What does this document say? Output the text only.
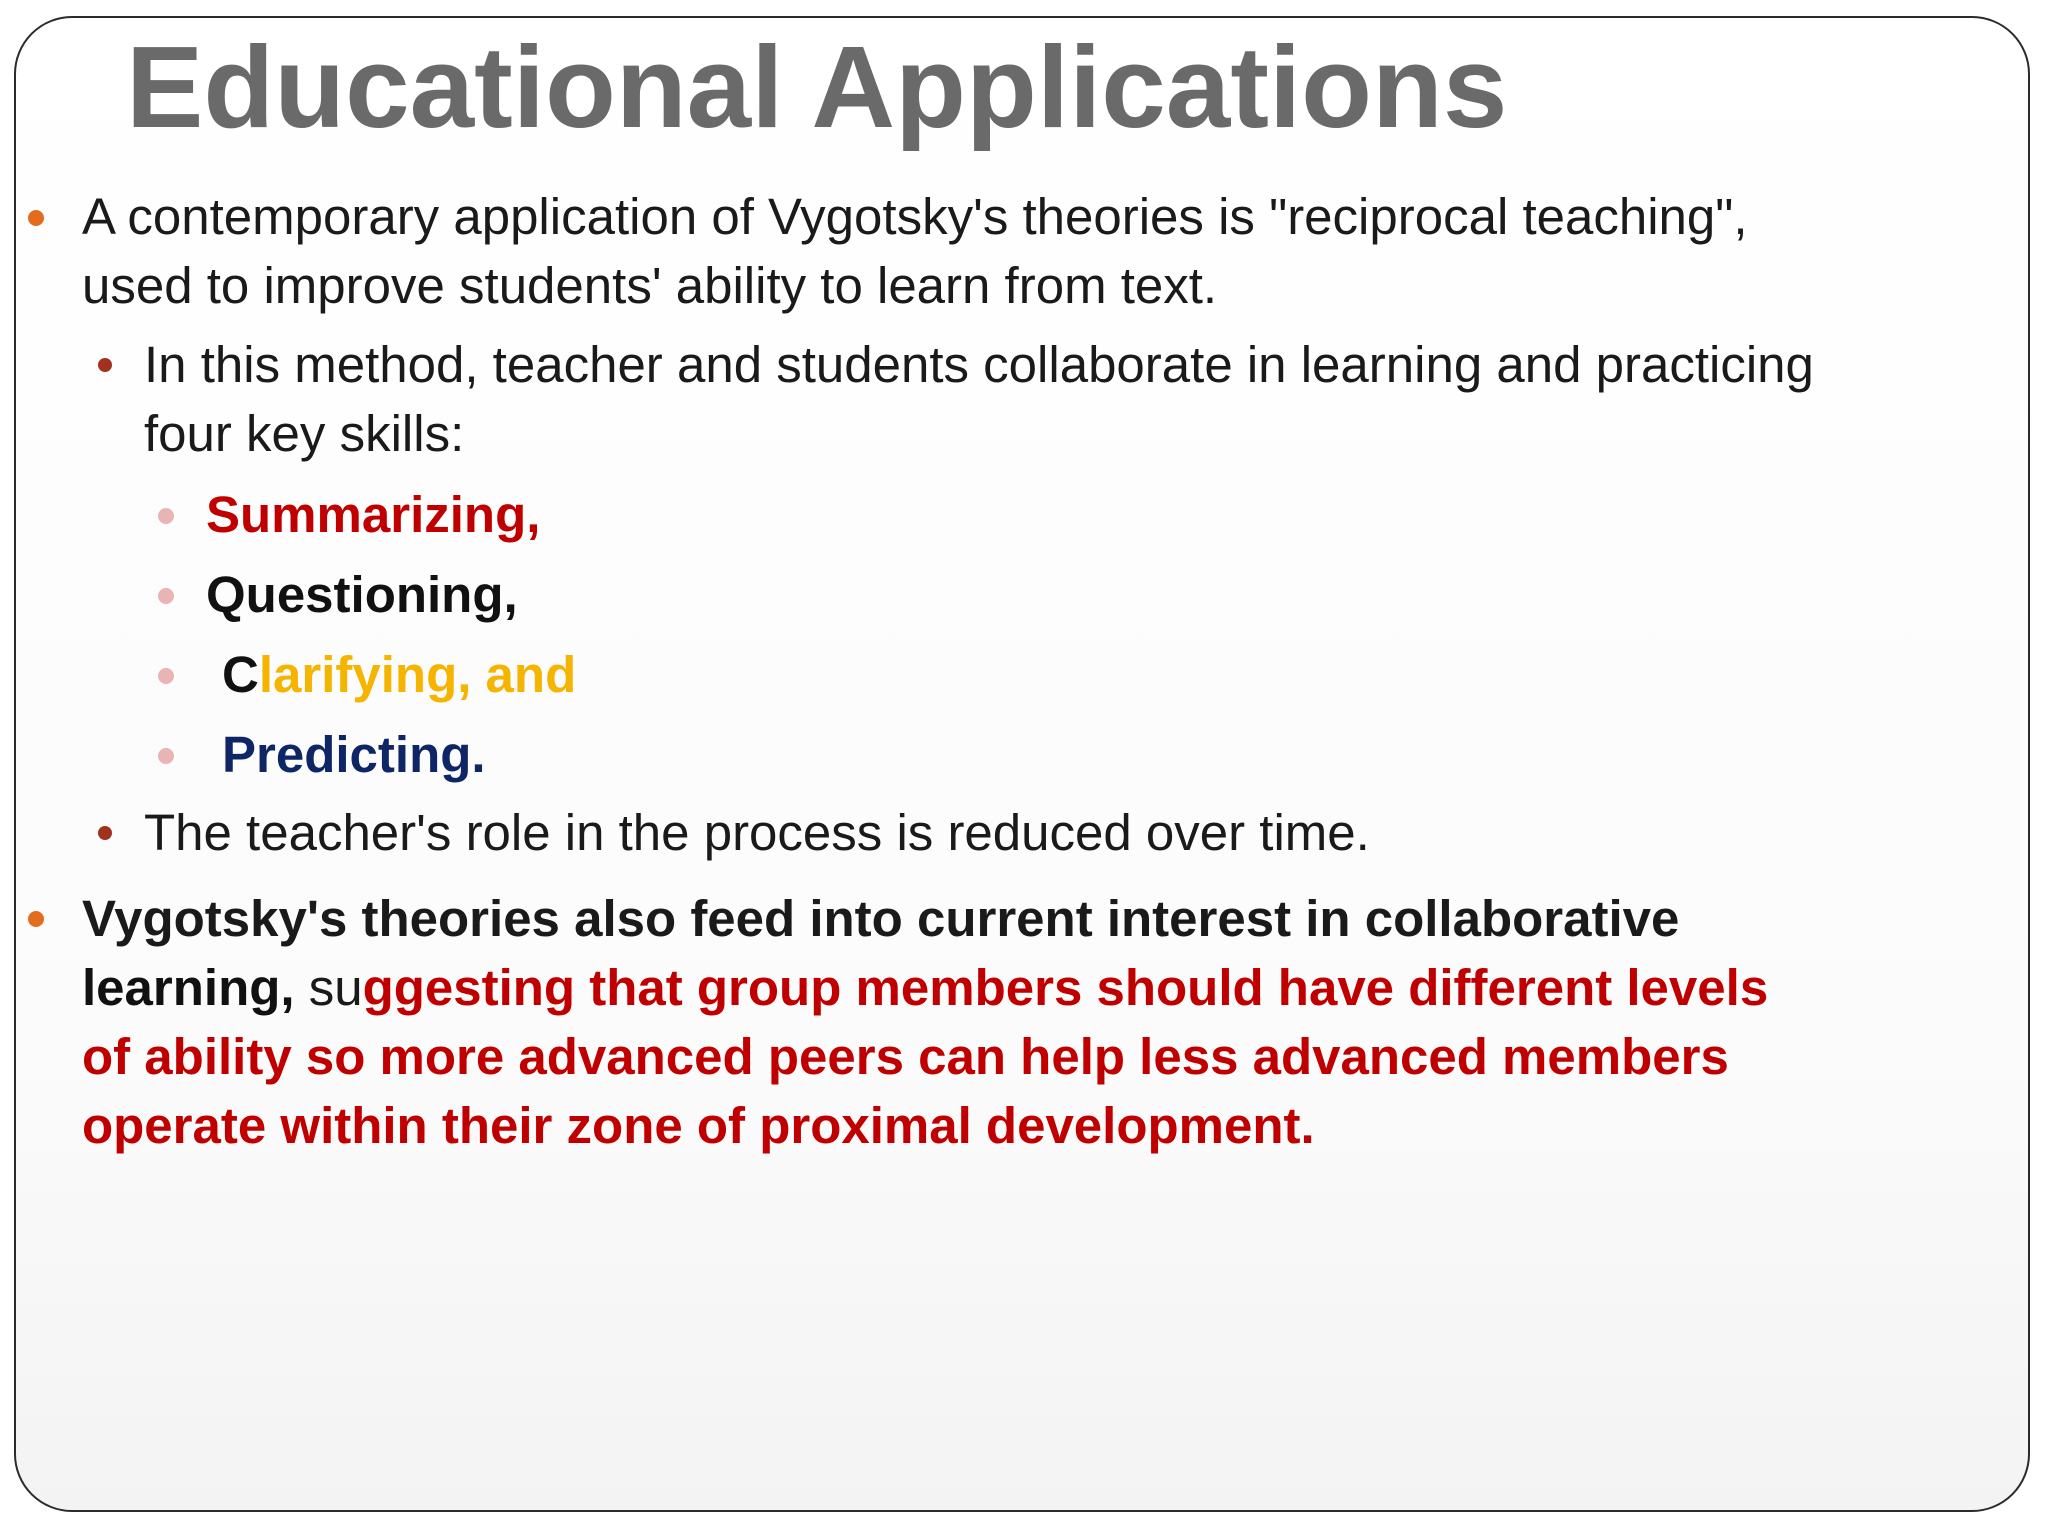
Educational Applications
A contemporary application of Vygotsky's theories is "reciprocal teaching",
used to improve students' ability to learn from text.
In this method, teacher and students collaborate in learning and practicing
four key skills:
Summarizing,
Questioning,
Clarifying, and
Predicting.
The teacher's role in the process is reduced over time.
Vygotsky's theories also feed into current interest in collaborative
learning, suggesting that group members should have different levels
of ability so more advanced peers can help less advanced members
operate within their zone of proximal development.
